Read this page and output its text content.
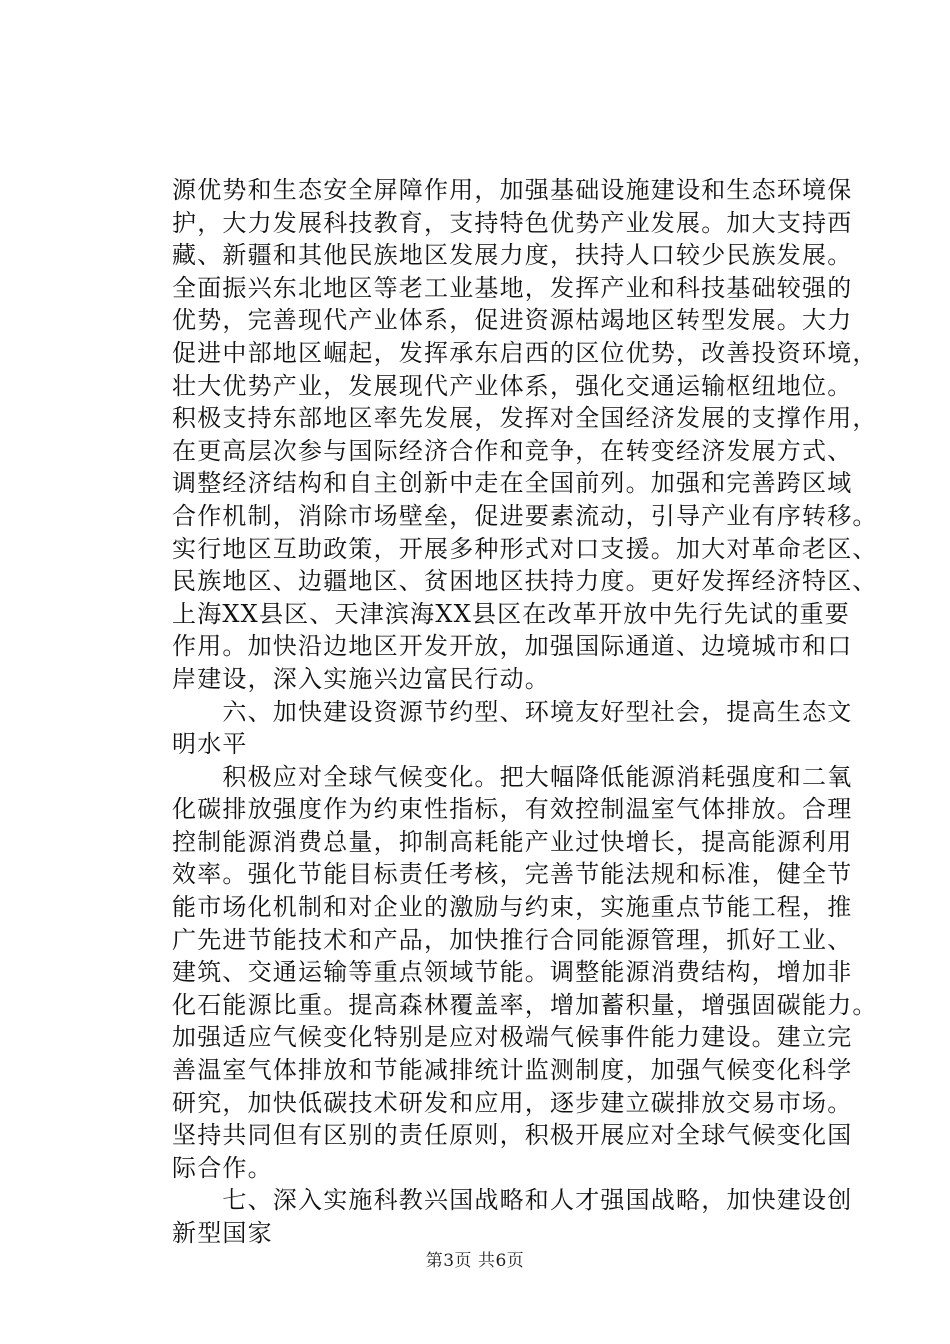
源优势和生态安全屏障作用，加强基础设施建设和生态环境保
护，大力发展科技教育，支持特色优势产业发展。加大支持西
藏、新疆和其他民族地区发展力度，扶持人口较少民族发展。
全面振兴东北地区等老工业基地，发挥产业和科技基础较强的
优势，完善现代产业体系，促进资源枯竭地区转型发展。大力
促进中部地区崛起，发挥承东启西的区位优势，改善投资环境，
壮大优势产业，发展现代产业体系，强化交通运输枢纽地位。
积极支持东部地区率先发展，发挥对全国经济发展的支撑作用，
在更高层次参与国际经济合作和竞争，在转变经济发展方式、
调整经济结构和自主创新中走在全国前列。加强和完善跨区域
合作机制，消除市场壁垒，促进要素流动，引导产业有序转移。
实行地区互助政策，开展多种形式对口支援。加大对革命老区、
民族地区、边疆地区、贫困地区扶持力度。更好发挥经济特区、
上海XX县区、天津滨海XX县区在改革开放中先行先试的重要
作用。加快沿边地区开发开放，加强国际通道、边境城市和口
岸建设，深入实施兴边富民行动。
　　六、加快建设资源节约型、环境友好型社会，提高生态文
明水平
　　积极应对全球气候变化。把大幅降低能源消耗强度和二氧
化碳排放强度作为约束性指标，有效控制温室气体排放。合理
控制能源消费总量，抑制高耗能产业过快增长，提高能源利用
效率。强化节能目标责任考核，完善节能法规和标准，健全节
能市场化机制和对企业的激励与约束，实施重点节能工程，推
广先进节能技术和产品，加快推行合同能源管理，抓好工业、
建筑、交通运输等重点领域节能。调整能源消费结构，增加非
化石能源比重。提高森林覆盖率，增加蓄积量，增强固碳能力。
加强适应气候变化特别是应对极端气候事件能力建设。建立完
善温室气体排放和节能减排统计监测制度，加强气候变化科学
研究，加快低碳技术研发和应用，逐步建立碳排放交易市场。
坚持共同但有区别的责任原则，积极开展应对全球气候变化国
际合作。
　　七、深入实施科教兴国战略和人才强国战略，加快建设创
新型国家
第3页 共6页
